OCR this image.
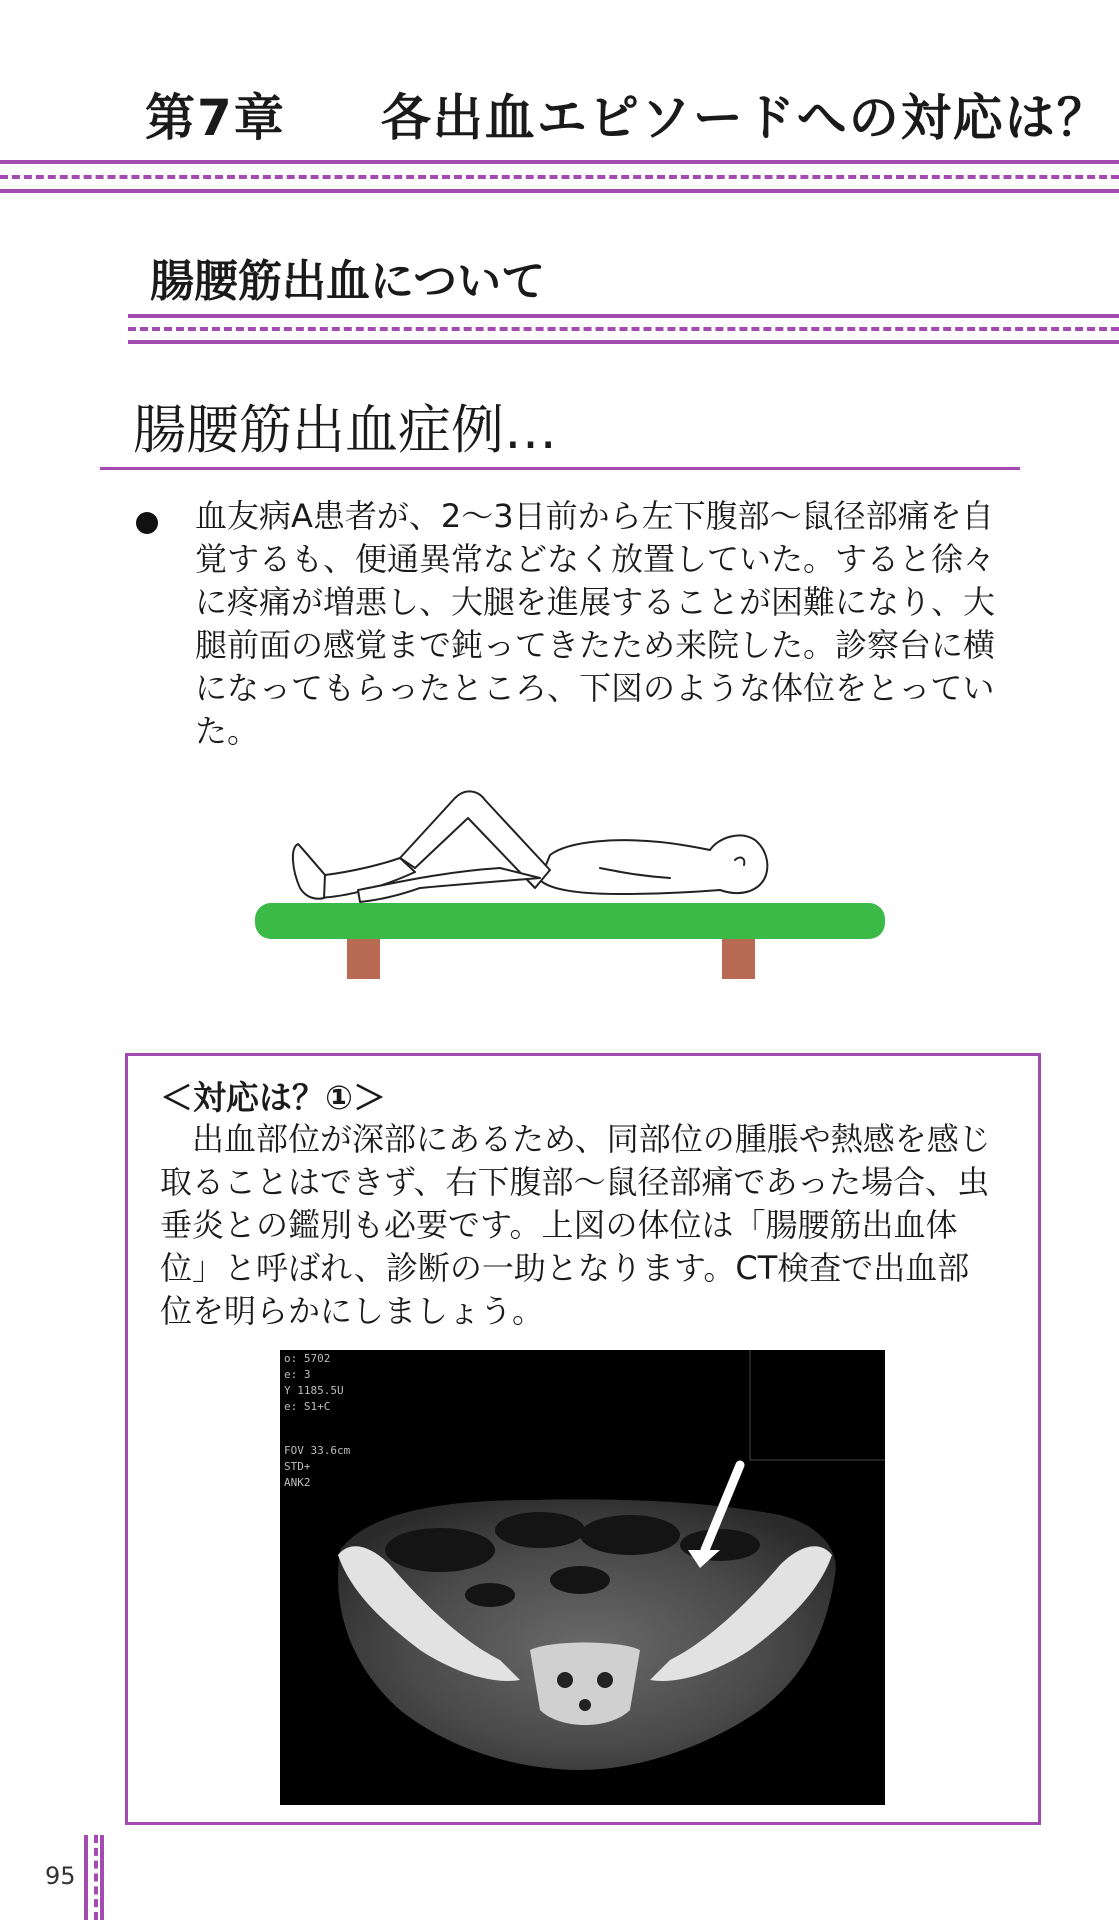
第7章 各出血エピソードへの対応は？
腸腰筋出血について
腸腰筋出血症例…
血友病A患者が、2〜3日前から左下腹部〜鼠径部痛を自覚するも、便通異常などなく放置していた。すると徐々に疼痛が増悪し、大腿を進展することが困難になり、大腿前面の感覚まで鈍ってきたため来院した。診察台に横になってもらったところ、下図のような体位をとっていた。
＜対応は？①＞
出血部位が深部にあるため、同部位の腫脹や熱感を感じ取ることはできず、右下腹部〜鼠径部痛であった場合、虫垂炎との鑑別も必要です。上図の体位は「腸腰筋出血体位」と呼ばれ、診断の一助となります。CT検査で出血部位を明らかにしましょう。
o: 5702
e: 3
Y 1185.5U
e: S1+C
FOV 33.6cm
STD+
ANK2
95
